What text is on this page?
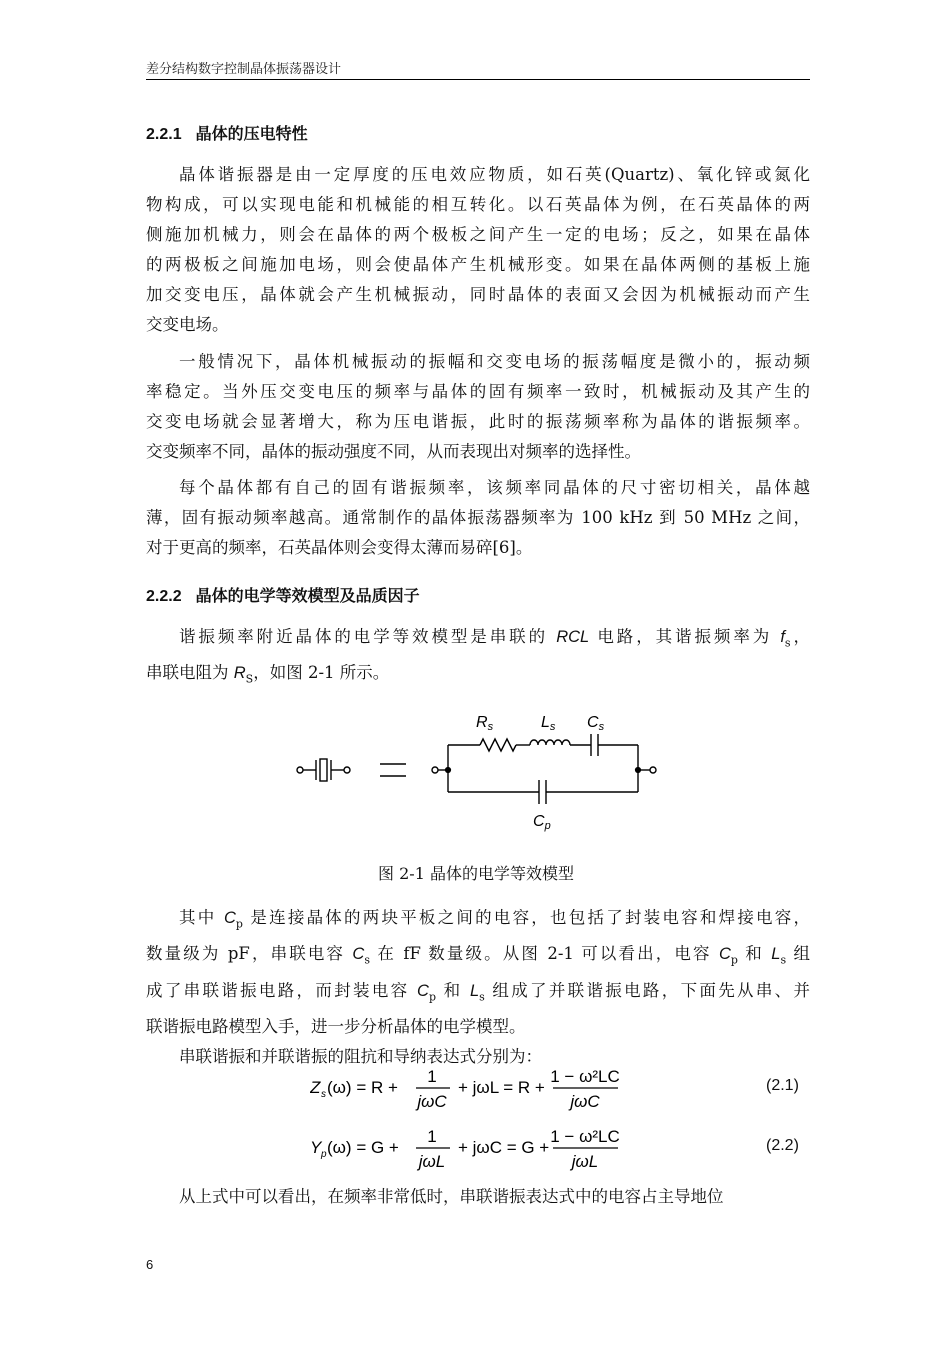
差分结构数字控制晶体振荡器设计
2.2.1 晶体的压电特性
晶体谐振器是由一定厚度的压电效应物质，如石英(Quartz)、氧化锌或氮化
物构成，可以实现电能和机械能的相互转化。以石英晶体为例，在石英晶体的两
侧施加机械力，则会在晶体的两个极板之间产生一定的电场；反之，如果在晶体
的两极板之间施加电场，则会使晶体产生机械形变。如果在晶体两侧的基板上施
加交变电压，晶体就会产生机械振动，同时晶体的表面又会因为机械振动而产生
交变电场。
一般情况下，晶体机械振动的振幅和交变电场的振荡幅度是微小的，振动频
率稳定。当外压交变电压的频率与晶体的固有频率一致时，机械振动及其产生的
交变电场就会显著增大，称为压电谐振，此时的振荡频率称为晶体的谐振频率。
交变频率不同，晶体的振动强度不同，从而表现出对频率的选择性。
每个晶体都有自己的固有谐振频率，该频率同晶体的尺寸密切相关，晶体越
薄，固有振动频率越高。通常制作的晶体振荡器频率为 100 kHz 到 50 MHz 之间，
对于更高的频率，石英晶体则会变得太薄而易碎[6]。
2.2.2 晶体的电学等效模型及品质因子
谐振频率附近晶体的电学等效模型是串联的 RCL 电路，其谐振频率为 $f_s$，
串联电阻为 $R_S$，如图 2-1 所示。
Rs	Ls Cs
Cp
图 2-1 晶体的电学等效模型
其中 $C_p$ 是连接晶体的两块平板之间的电容，也包括了封装电容和焊接电容，
数量级为 pF，串联电容 $C_s$ 在 fF 数量级。从图 2-1 可以看出，电容 $C_p$ 和 $L_s$ 组
成了串联谐振电路，而封装电容 $C_p$ 和 $L_s$ 组成了并联谐振电路，下面先从串、并
联谐振电路模型入手，进一步分析晶体的电学模型。
串联谐振和并联谐振的阻抗和导纳表达式分别为：
Z s (ω) = R +
1
jωC
+ jωL = R +
1 − ω²LC
jωC
(2.1)
Y p (ω) = G +
1
jωL
+ jωC = G +
1 − ω²LC
jωL
(2.2)
从上式中可以看出，在频率非常低时，串联谐振表达式中的电容占主导地位
6
